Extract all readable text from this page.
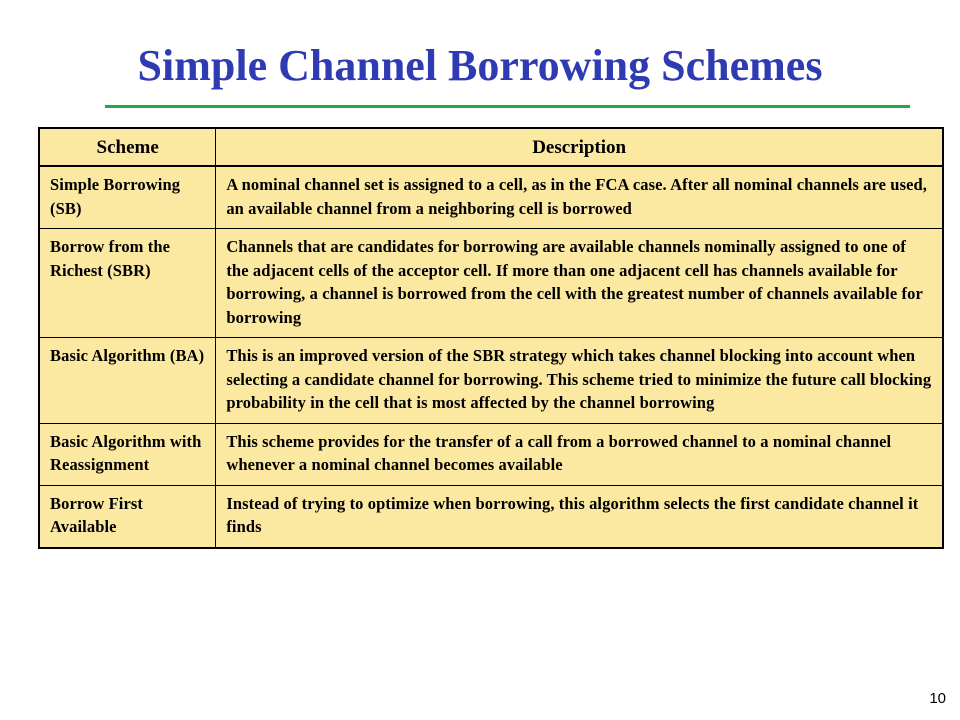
Simple Channel Borrowing Schemes
Scheme	Description
Simple Borrowing (SB)	A nominal channel set is assigned to a cell, as in the FCA case. After all nominal channels are used, an available channel from a neighboring cell is borrowed
Borrow from the Richest (SBR)	Channels that are candidates for borrowing are available channels nominally assigned to one of the adjacent cells of the acceptor cell. If more than one adjacent cell has channels available for borrowing, a channel is borrowed from the cell with the greatest number of channels available for borrowing
Basic Algorithm (BA)	This is an improved version of the SBR strategy which takes channel blocking into account when selecting a candidate channel for borrowing. This scheme tried to minimize the future call blocking probability in the cell that is most affected by the channel borrowing
Basic Algorithm with Reassignment	This scheme provides for the transfer of a call from a borrowed channel to a nominal channel whenever a nominal channel becomes available
Borrow First Available	Instead of trying to optimize when borrowing, this algorithm selects the first candidate channel it finds
10
